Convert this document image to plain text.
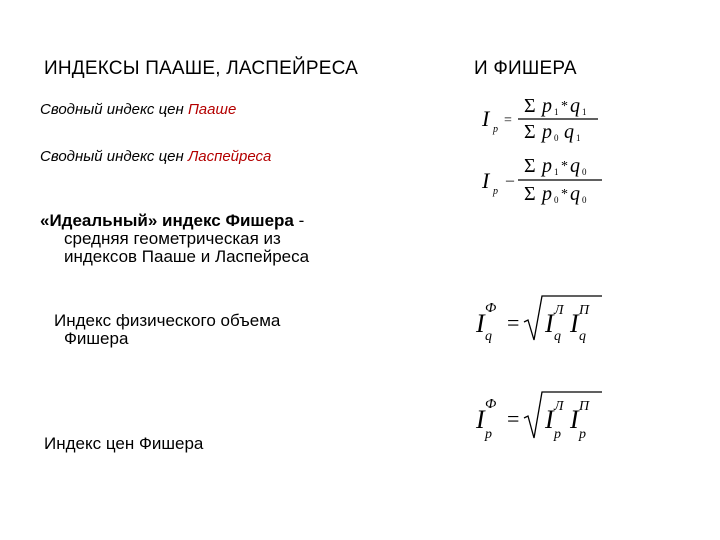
ИНДЕКСЫ ПААШЕ, ЛАСПЕЙРЕСА	И ФИШЕРА
Сводный индекс цен Пааше
Сводный индекс цен Ласпейреса
«Идеальный» индекс Фишера -
средняя геометрическая из
индексов Пааше и Ласпейреса
Индекс физического объема
Фишера
Индекс цен Фишера
I p
=
Σ p 1 * q 1
Σ p 0 q 1
I p
–
Σ p 1 * q 0
Σ p 0 * q 0
I
Ф
q
= I Л
q I П
q
I
Ф
p
= I Л
p
I П
p
